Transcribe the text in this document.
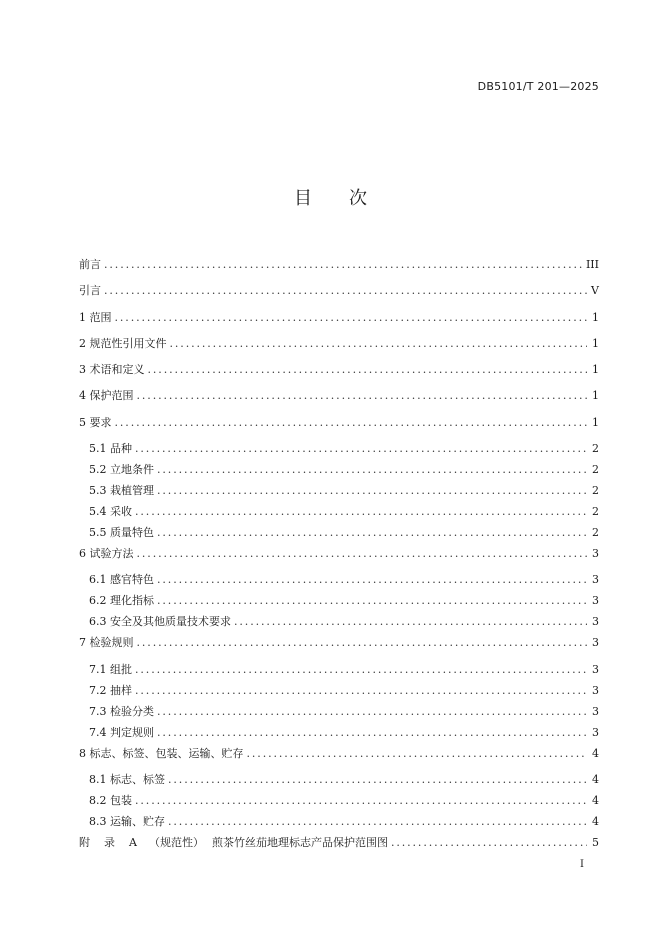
DB5101/T 201—2025
目 次
前言 .....	III
引言 .....	V
1 范围 .....	1
2 规范性引用文件 .....	1
3 术语和定义 .....	1
4 保护范围 .....	1
5 要求 .....	1
5.1 品种 .....	2
5.2 立地条件 .....	2
5.3 栽植管理 .....	2
5.4 采收 .....	2
5.5 质量特色 .....	2
6 试验方法 .....	3
6.1 感官特色 .....	3
6.2 理化指标 .....	3
6.3 安全及其他质量技术要求 .....	3
7 检验规则 .....	3
7.1 组批 .....	3
7.2 抽样 .....	3
7.3 检验分类 .....	3
7.4 判定规则 .....	3
8 标志、标签、包装、运输、贮存 .....	4
8.1 标志、标签 .....	4
8.2 包装 .....	4
8.3 运输、贮存 .....	4
附	录	A	（规范性） 煎茶竹丝茄地理标志产品保护范围图 .....	5
I
